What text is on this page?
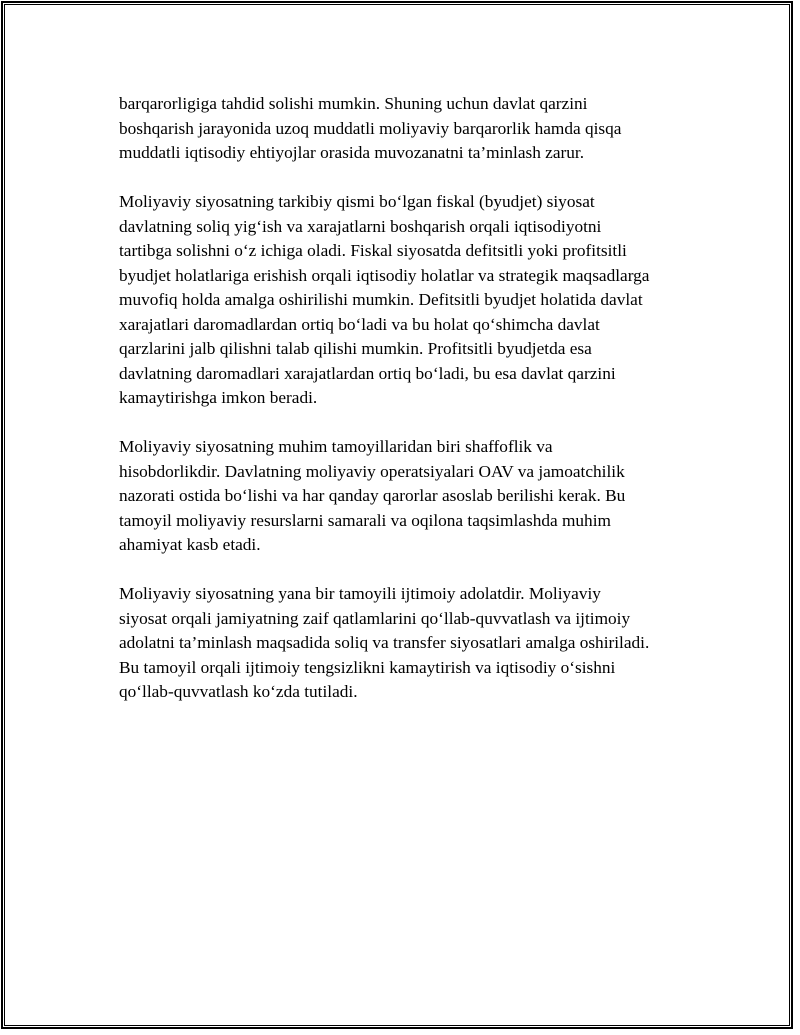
barqarorligiga tahdid solishi mumkin. Shuning uchun davlat qarzini
boshqarish jarayonida uzoq muddatli moliyaviy barqarorlik hamda qisqa
muddatli iqtisodiy ehtiyojlar orasida muvozanatni ta’minlash zarur.

Moliyaviy siyosatning tarkibiy qismi bo‘lgan fiskal (byudjet) siyosat
davlatning soliq yig‘ish va xarajatlarni boshqarish orqali iqtisodiyotni
tartibga solishni o‘z ichiga oladi. Fiskal siyosatda defitsitli yoki profitsitli
byudjet holatlariga erishish orqali iqtisodiy holatlar va strategik maqsadlarga
muvofiq holda amalga oshirilishi mumkin. Defitsitli byudjet holatida davlat
xarajatlari daromadlardan ortiq bo‘ladi va bu holat qo‘shimcha davlat
qarzlarini jalb qilishni talab qilishi mumkin. Profitsitli byudjetda esa
davlatning daromadlari xarajatlardan ortiq bo‘ladi, bu esa davlat qarzini
kamaytirishga imkon beradi.

Moliyaviy siyosatning muhim tamoyillaridan biri shaffoflik va
hisobdorlikdir. Davlatning moliyaviy operatsiyalari OAV va jamoatchilik
nazorati ostida bo‘lishi va har qanday qarorlar asoslab berilishi kerak. Bu
tamoyil moliyaviy resurslarni samarali va oqilona taqsimlashda muhim
ahamiyat kasb etadi.

Moliyaviy siyosatning yana bir tamoyili ijtimoiy adolatdir. Moliyaviy
siyosat orqali jamiyatning zaif qatlamlarini qo‘llab-quvvatlash va ijtimoiy
adolatni ta’minlash maqsadida soliq va transfer siyosatlari amalga oshiriladi.
Bu tamoyil orqali ijtimoiy tengsizlikni kamaytirish va iqtisodiy o‘sishni
qo‘llab-quvvatlash ko‘zda tutiladi.
